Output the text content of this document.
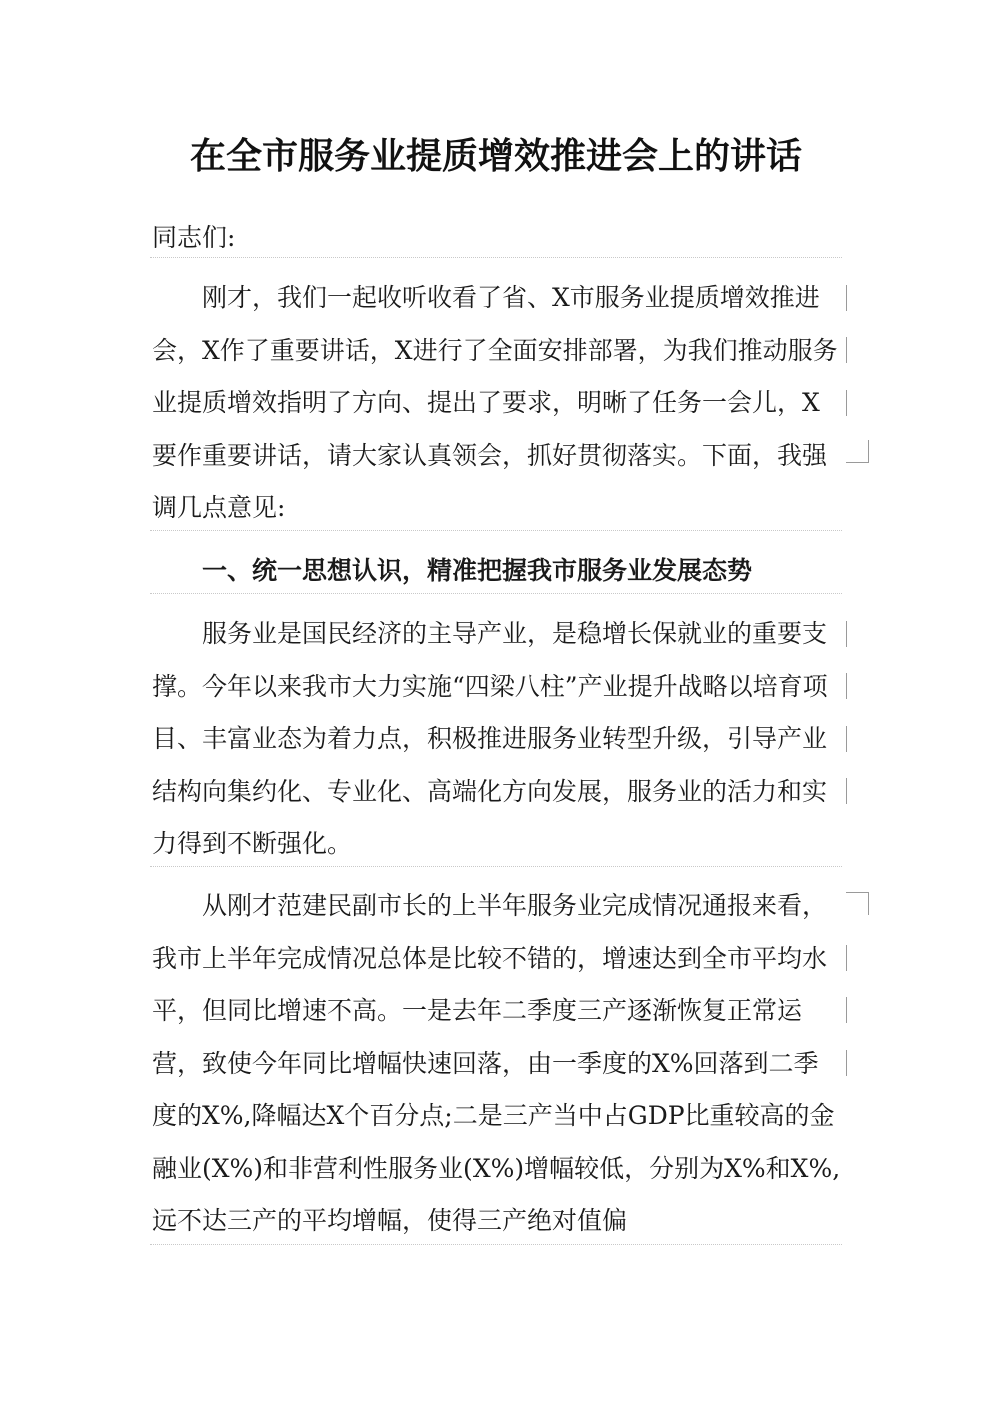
在全市服务业提质增效推进会上的讲话

同志们:

刚才，我们一起收听收看了省、X市服务业提质增效推进会，X作了重要讲话，X进行了全面安排部署，为我们推动服务业提质增效指明了方向、提出了要求，明晰了任务一会儿，X要作重要讲话，请大家认真领会，抓好贯彻落实。下面，我强调几点意见:

一、统一思想认识，精准把握我市服务业发展态势

服务业是国民经济的主导产业，是稳增长保就业的重要支撑。今年以来我市大力实施“四梁八柱”产业提升战略以培育项目、丰富业态为着力点，积极推进服务业转型升级，引导产业结构向集约化、专业化、高端化方向发展，服务业的活力和实力得到不断强化。

从刚才范建民副市长的上半年服务业完成情况通报来看，我市上半年完成情况总体是比较不错的，增速达到全市平均水平，但同比增速不高。一是去年二季度三产逐渐恢复正常运营，致使今年同比增幅快速回落，由一季度的X%回落到二季度的X%,降幅达X个百分点;二是三产当中占GDP比重较高的金融业(X%)和非营利性服务业(X%)增幅较低，分别为X%和X%,远不达三产的平均增幅，使得三产绝对值偏
